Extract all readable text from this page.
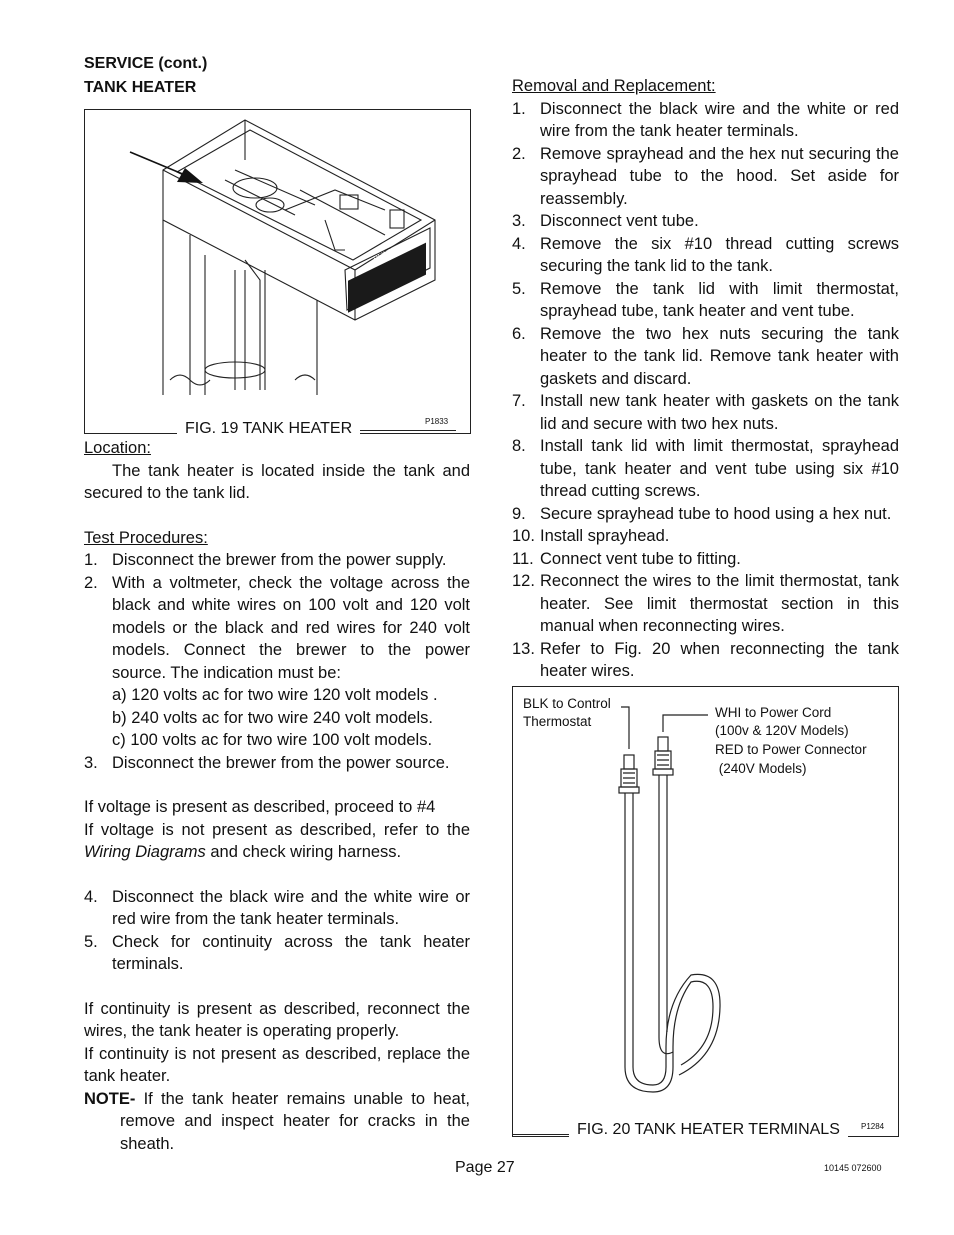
SERVICE (cont.)
TANK HEATER
Location:
The tank heater is located inside the tank and secured to the tank lid.
Test Procedures:
1. Disconnect the brewer from the power supply.
2. With a voltmeter, check the voltage across the black and white wires on 100 volt and 120 volt models or the black and red wires for 240 volt models. Connect the brewer to the power source. The indication must be:
a) 120 volts ac for two wire 120 volt models .
b) 240 volts ac for two wire 240 volt models.
c) 100 volts ac for two wire 100 volt models.
3. Disconnect the brewer from the power source.
If voltage is present as described, proceed to #4
If voltage is not present as described, refer to the Wiring Diagrams and check wiring harness.
4. Disconnect the black wire and the white wire or red wire from the tank heater terminals.
5. Check for continuity across the tank heater terminals.
If continuity is present as described, reconnect the wires, the tank heater is operating properly.
If continuity is not present as described, replace the tank heater.
NOTE- If the tank heater remains unable to heat, remove and inspect heater for cracks in the sheath.
BUNN
FIG. 19 TANK HEATER	P1833
Removal and Replacement:
1. Disconnect the black wire and the white or red wire from the tank heater terminals.
2. Remove sprayhead and the hex nut securing the sprayhead tube to the hood. Set aside for reassembly.
3. Disconnect vent tube.
4. Remove the six #10 thread cutting screws securing the tank lid to the tank.
5. Remove the tank lid with limit thermostat, sprayhead tube, tank heater and vent tube.
6. Remove the two hex nuts securing the tank heater to the tank lid. Remove tank heater with gaskets and discard.
7. Install new tank heater with gaskets on the tank lid and secure with two hex nuts.
8. Install tank lid with limit thermostat, sprayhead tube, tank heater and vent tube using six #10 thread cutting screws.
9. Secure sprayhead tube to hood using a hex nut.
10. Install sprayhead.
11. Connect vent tube to fitting.
12. Reconnect the wires to the limit thermostat, tank heater. See limit thermostat section in this manual when reconnecting wires.
13. Refer to Fig. 20 when reconnecting the tank heater wires.
BLK to Control
Thermostat
WHI to Power Cord
(100v & 120V Models)
RED to Power Connector
(240V Models)
FIG. 20 TANK HEATER TERMINALS	P1284
Page 27	10145 072600
